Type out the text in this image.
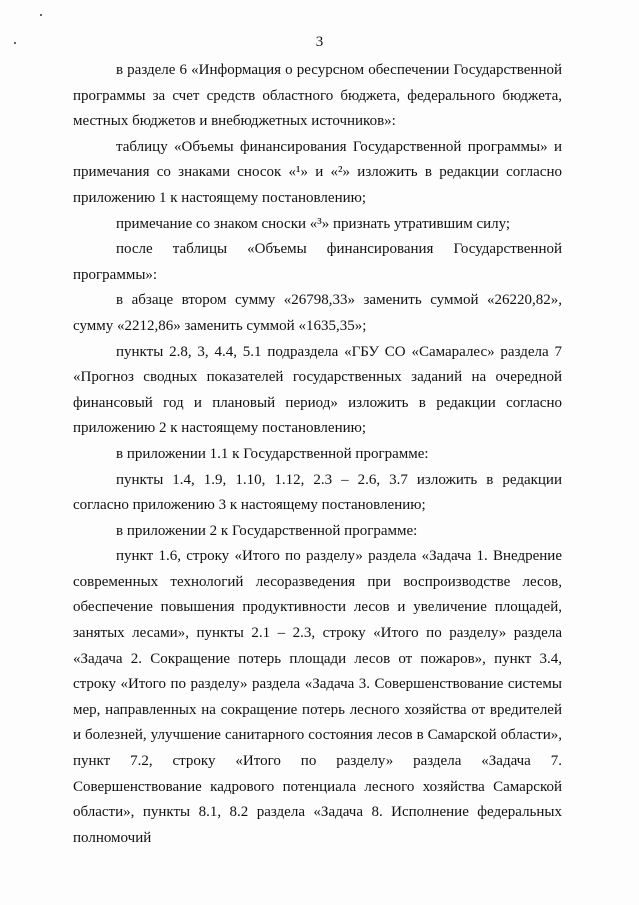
3

в разделе 6 «Информация о ресурсном обеспечении Государственной программы за счет средств областного бюджета, федерального бюджета, местных бюджетов и внебюджетных источников»:

таблицу «Объемы финансирования Государственной программы» и примечания со знаками сносок «¹» и «²» изложить в редакции согласно приложению 1 к настоящему постановлению;

примечание со знаком сноски «³» признать утратившим силу;

после таблицы «Объемы финансирования Государственной программы»:

в абзаце втором сумму «26798,33» заменить суммой «26220,82», сумму «2212,86» заменить суммой «1635,35»;

пункты 2.8, 3, 4.4, 5.1 подраздела «ГБУ СО «Самаралес» раздела 7 «Прогноз сводных показателей государственных заданий на очередной финансовый год и плановый период» изложить в редакции согласно приложению 2 к настоящему постановлению;

в приложении 1.1 к Государственной программе:

пункты 1.4, 1.9, 1.10, 1.12, 2.3 – 2.6, 3.7 изложить в редакции согласно приложению 3 к настоящему постановлению;

в приложении 2 к Государственной программе:

пункт 1.6, строку «Итого по разделу» раздела «Задача 1. Внедрение современных технологий лесоразведения при воспроизводстве лесов, обеспечение повышения продуктивности лесов и увеличение площадей, занятых лесами», пункты 2.1 – 2.3, строку «Итого по разделу» раздела «Задача 2. Сокращение потерь площади лесов от пожаров», пункт 3.4, строку «Итого по разделу» раздела «Задача 3. Совершенствование системы мер, направленных на сокращение потерь лесного хозяйства от вредителей и болезней, улучшение санитарного состояния лесов в Самарской области», пункт 7.2, строку «Итого по разделу» раздела «Задача 7. Совершенствование кадрового потенциала лесного хозяйства Самарской области», пункты 8.1, 8.2 раздела «Задача 8. Исполнение федеральных полномочий
